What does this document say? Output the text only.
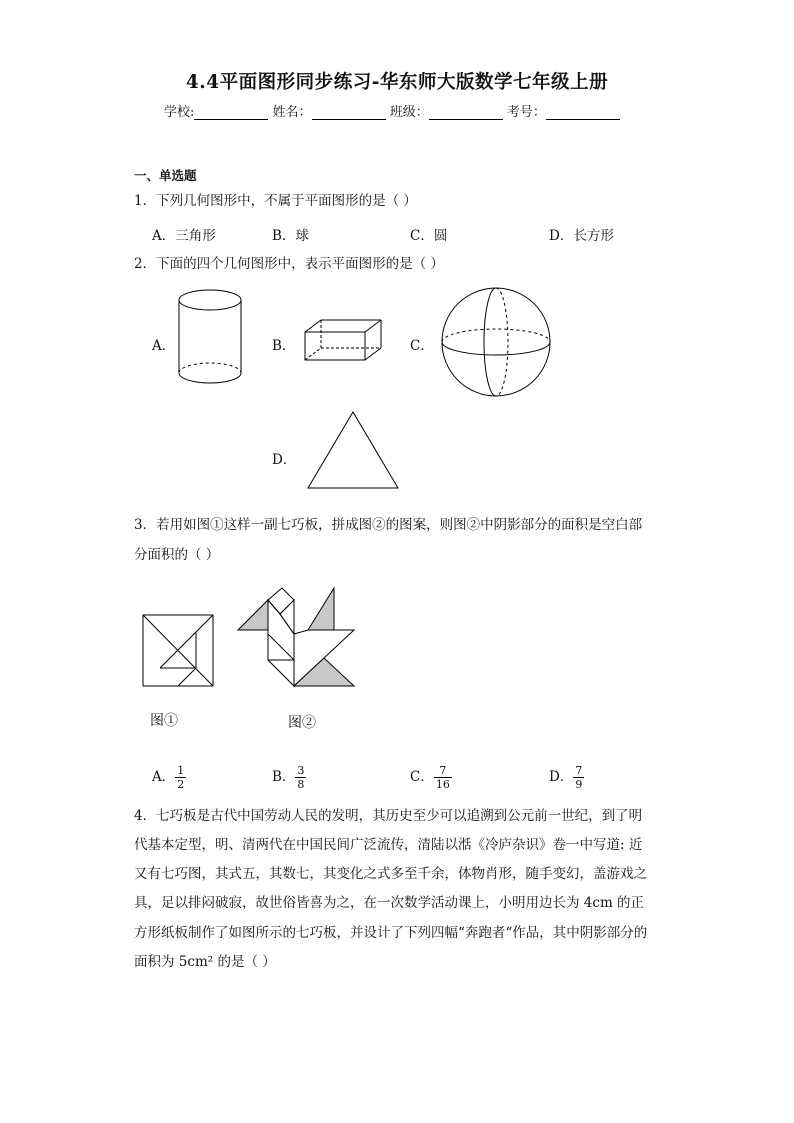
4.4平面图形同步练习-华东师大版数学七年级上册
学校:	姓名：	班级：	考号：
一、单选题
1．下列几何图形中，不属于平面图形的是（ ）
A．三角形	B．球	C．圆	D．长方形
2．下面的四个几何图形中，表示平面图形的是（ ）
A．	B．	C．
D．
3．若用如图①这样一副七巧板，拼成图②的图案，则图②中阴影部分的面积是空白部
分面积的（ ）
图①	图②
A． $\frac{1}{2}$	B． $\frac{3}{8}$	C． $\frac{7}{16}$	D． $\frac{7}{9}$
4．七巧板是古代中国劳动人民的发明，其历史至少可以追溯到公元前一世纪，到了明
代基本定型，明、清两代在中国民间广泛流传，清陆以湉《冷庐杂识》卷一中写道: 近
又有七巧图，其式五，其数七，其变化之式多至千余，体物肖形，随手变幻，盖游戏之
具，足以排闷破寂，故世俗皆喜为之，在一次数学活动课上，小明用边长为 4cm 的正
方形纸板制作了如图所示的七巧板，并设计了下列四幅“奔跑者“作品，其中阴影部分的
面积为 5cm² 的是（ ）
